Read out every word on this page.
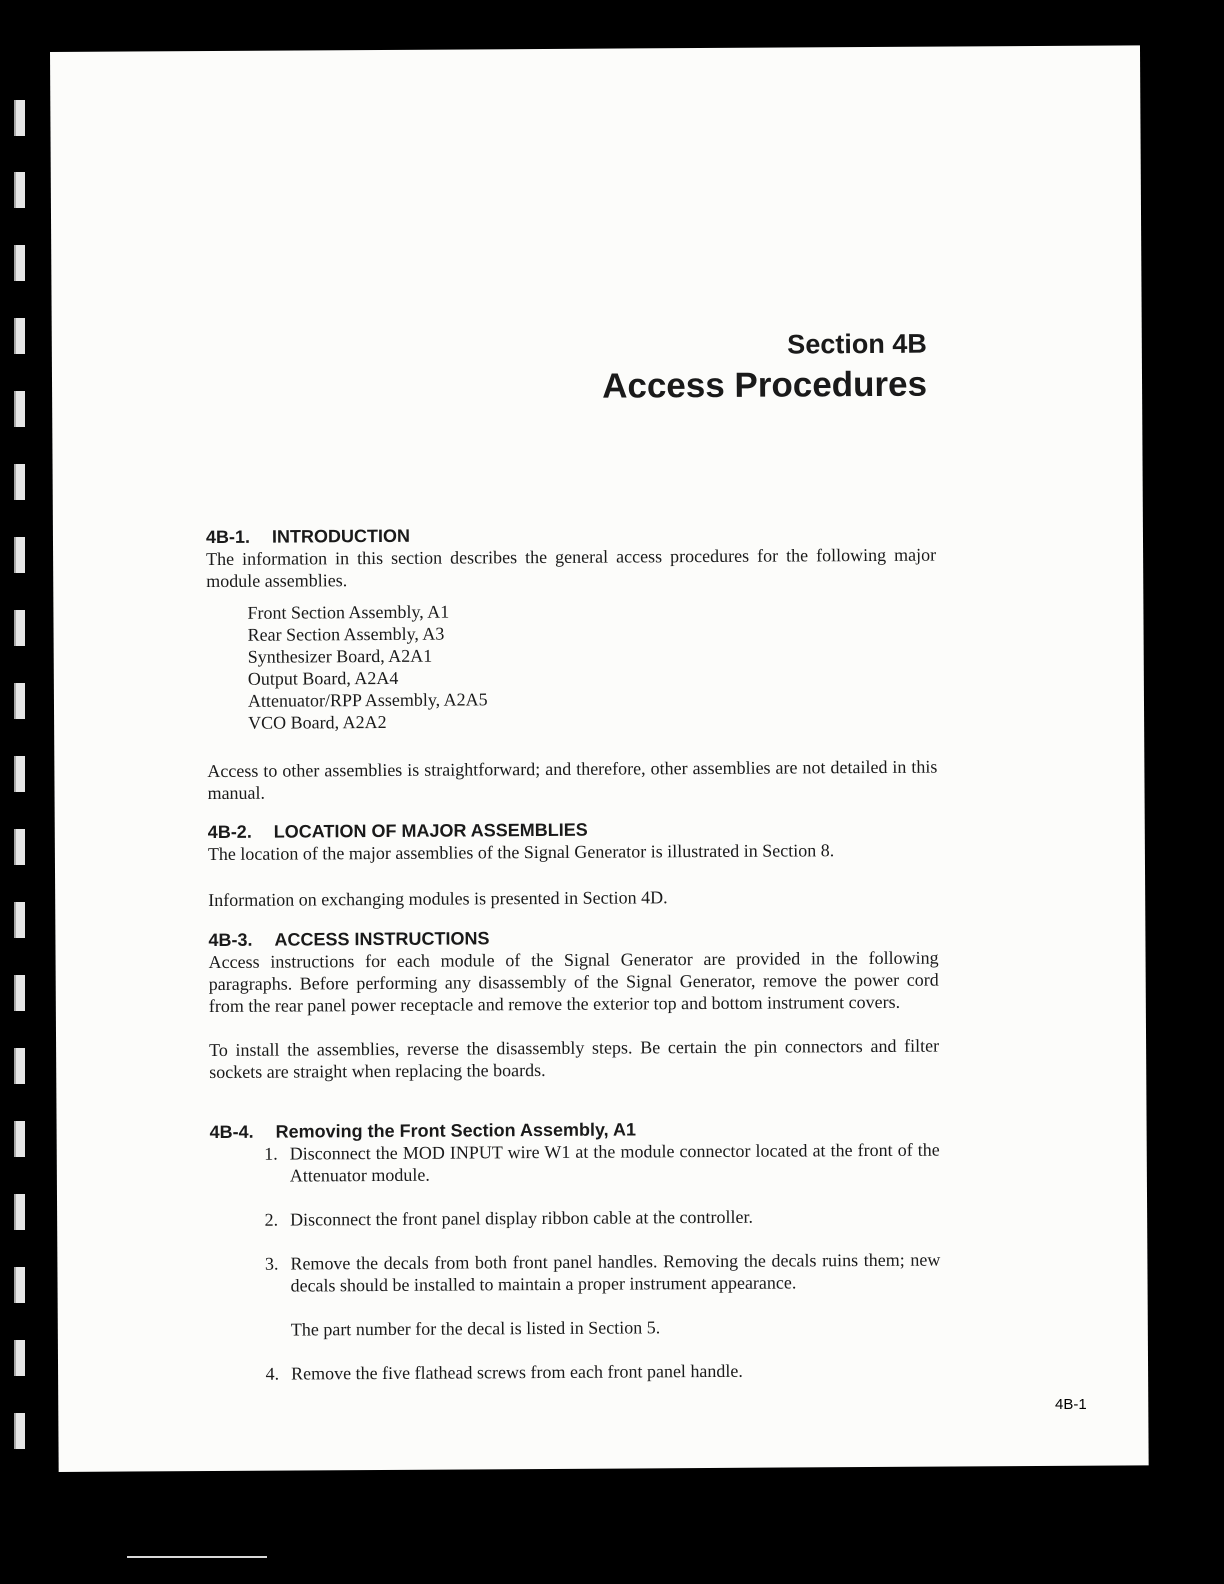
Section 4B
Access Procedures
4B-1. INTRODUCTION

The information in this section describes the general access procedures for the following major module assemblies.

Front Section Assembly, A1
Rear Section Assembly, A3
Synthesizer Board, A2A1
Output Board, A2A4
Attenuator/RPP Assembly, A2A5
VCO Board, A2A2

Access to other assemblies is straightforward; and therefore, other assemblies are not detailed in this manual.

4B-2. LOCATION OF MAJOR ASSEMBLIES

The location of the major assemblies of the Signal Generator is illustrated in Section 8.

Information on exchanging modules is presented in Section 4D.

4B-3. ACCESS INSTRUCTIONS

Access instructions for each module of the Signal Generator are provided in the following paragraphs. Before performing any disassembly of the Signal Generator, remove the power cord from the rear panel power receptacle and remove the exterior top and bottom instrument covers.

To install the assemblies, reverse the disassembly steps. Be certain the pin connectors and filter sockets are straight when replacing the boards.

4B-4. Removing the Front Section Assembly, A1
1. Disconnect the MOD INPUT wire W1 at the module connector located at the front of the Attenuator module.
2. Disconnect the front panel display ribbon cable at the controller.
3. Remove the decals from both front panel handles. Removing the decals ruins them; new decals should be installed to maintain a proper instrument appearance.
The part number for the decal is listed in Section 5.
4. Remove the five flathead screws from each front panel handle.
4B-1
